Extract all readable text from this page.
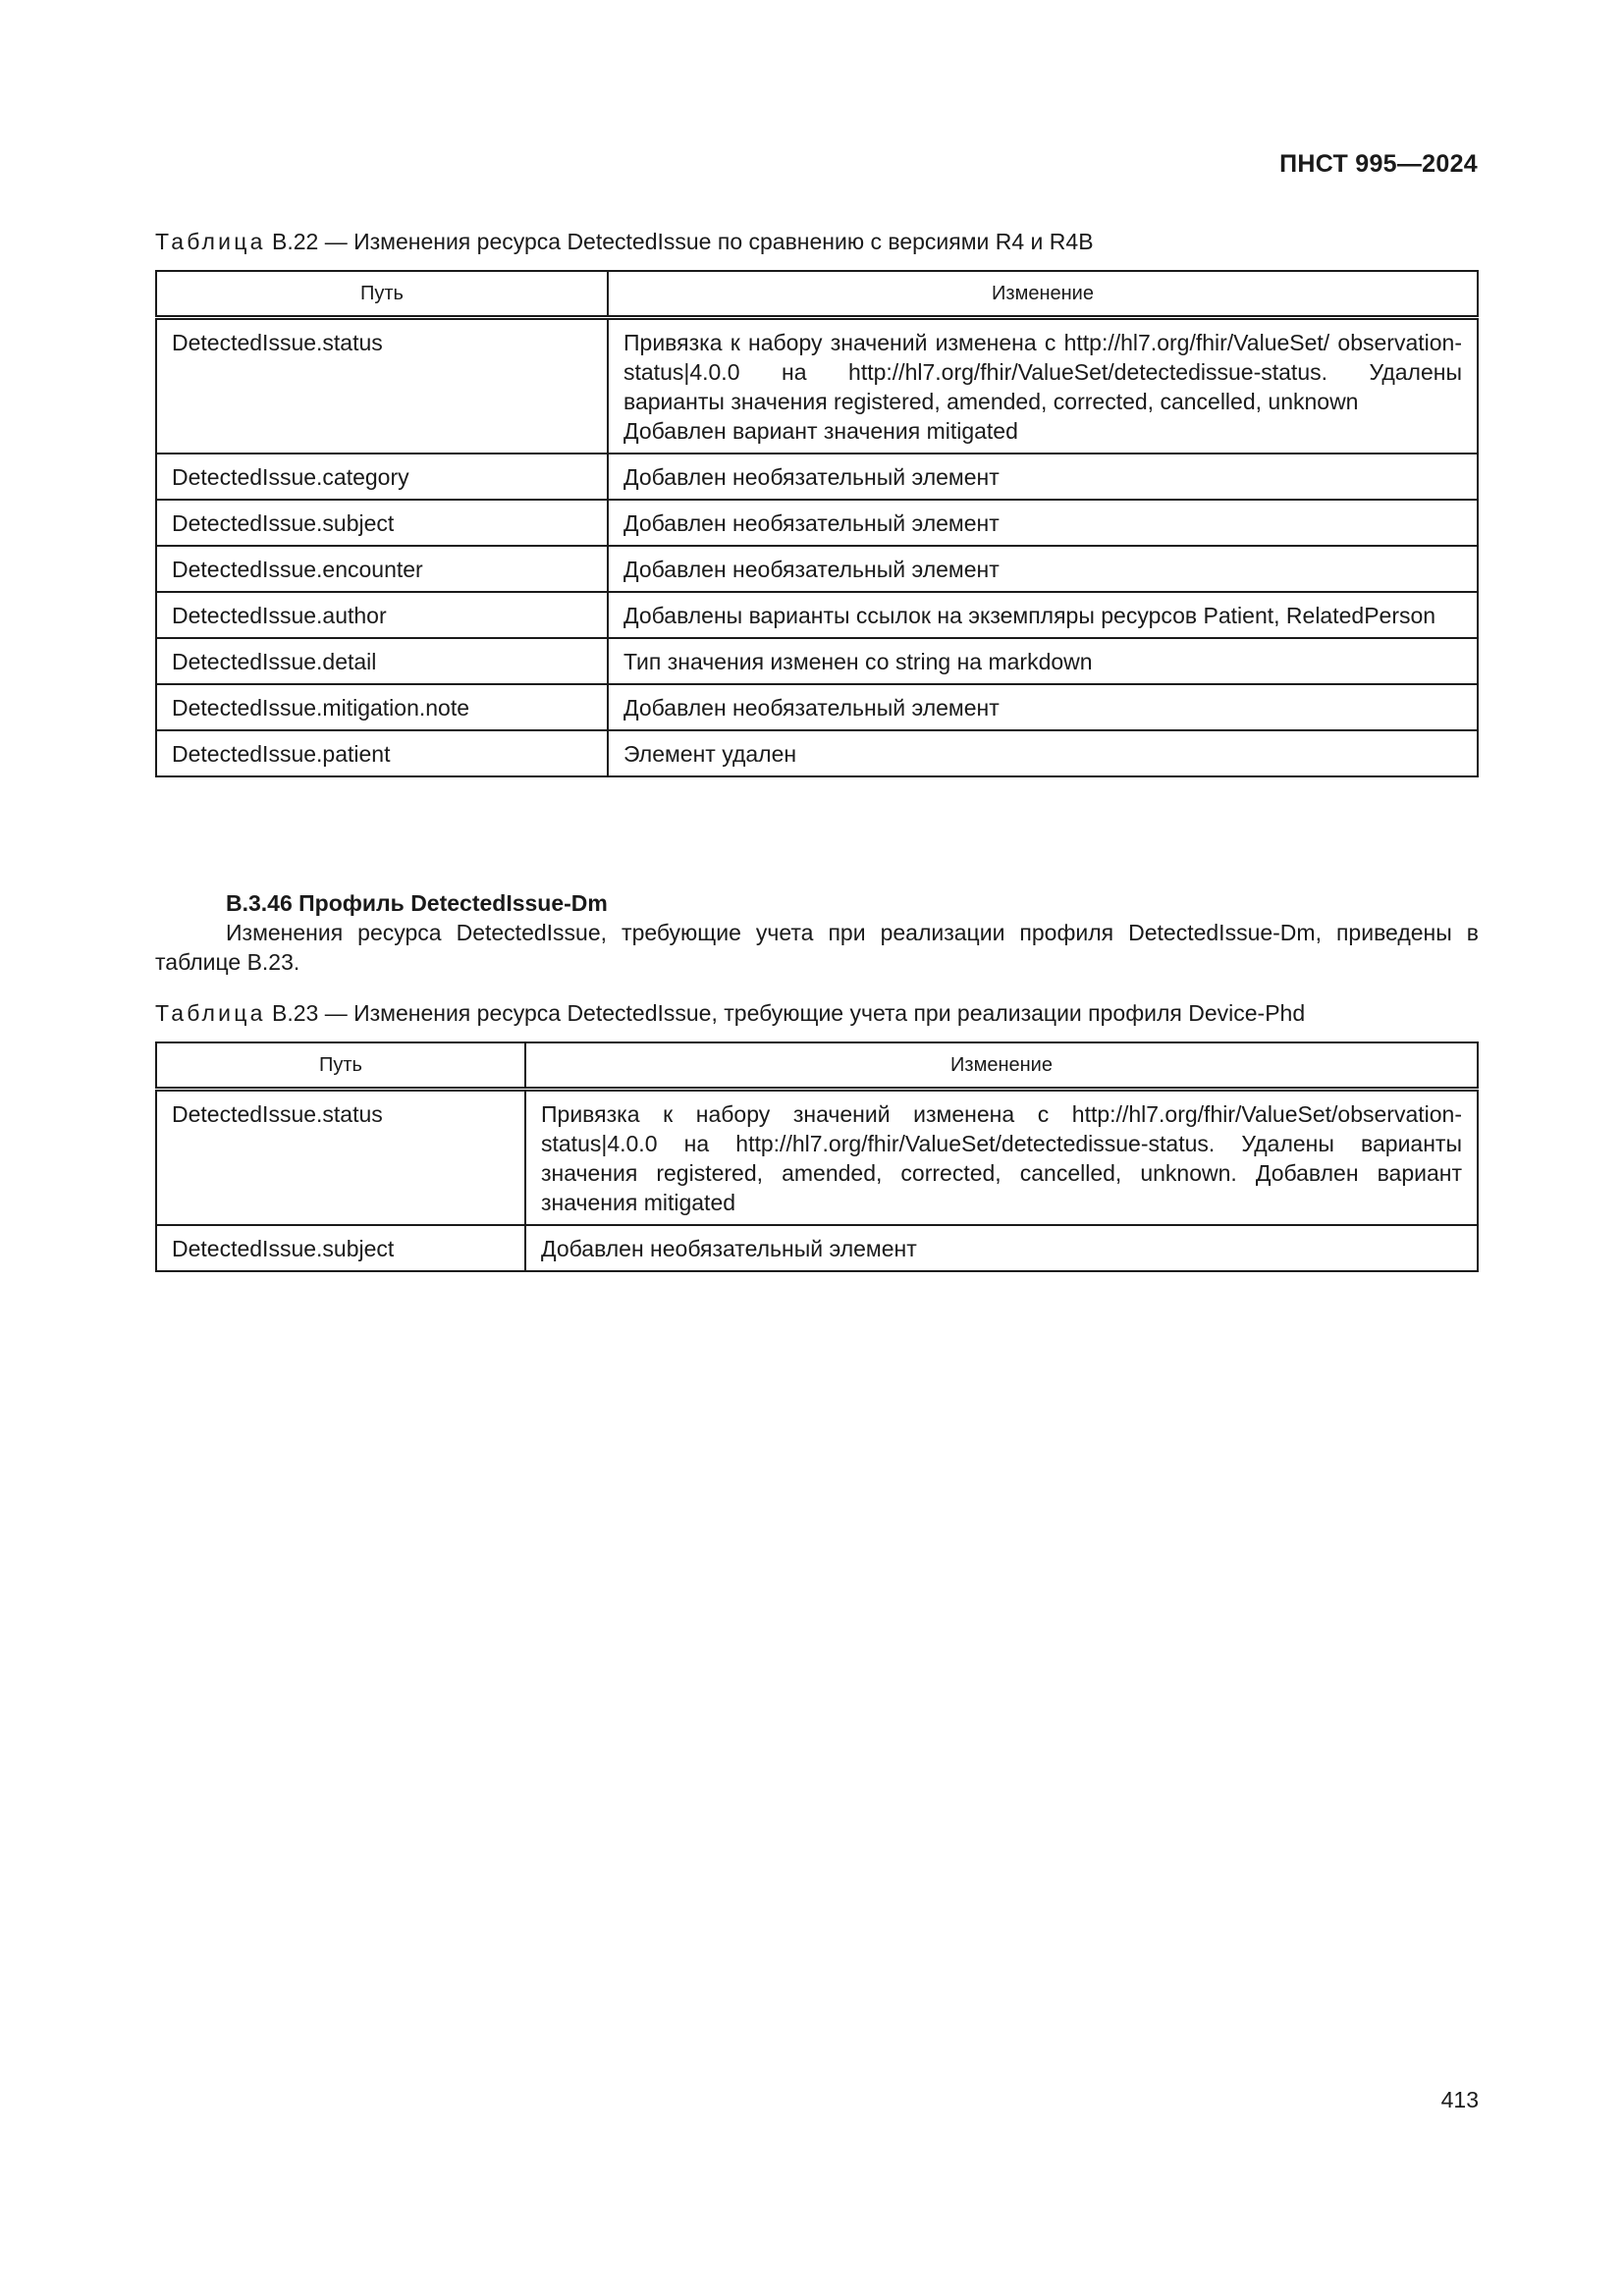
ПНСТ 995—2024
Таблица В.22 — Изменения ресурса DetectedIssue по сравнению с версиями R4 и R4B
Путь	Изменение
DetectedIssue.status	Привязка к набору значений изменена с http://hl7.org/fhir/ValueSet/ observation-status|4.0.0 на http://hl7.org/fhir/ValueSet/detectedissue-status. Удалены варианты значения registered, amended, corrected, cancelled, unknown
Добавлен вариант значения mitigated
DetectedIssue.category	Добавлен необязательный элемент
DetectedIssue.subject	Добавлен необязательный элемент
DetectedIssue.encounter	Добавлен необязательный элемент
DetectedIssue.author	Добавлены варианты ссылок на экземпляры ресурсов Patient, RelatedPerson
DetectedIssue.detail	Тип значения изменен со string на markdown
DetectedIssue.mitigation.note	Добавлен необязательный элемент
DetectedIssue.patient	Элемент удален
В.3.46 Профиль DetectedIssue-Dm
Изменения ресурса DetectedIssue, требующие учета при реализации профиля DetectedIssue-Dm, приведены в таблице В.23.
Таблица В.23 — Изменения ресурса DetectedIssue, требующие учета при реализации профиля Device-Phd
Путь	Изменение
DetectedIssue.status	Привязка к набору значений изменена с http://hl7.org/fhir/ValueSet/observation-status|4.0.0 на http://hl7.org/fhir/ValueSet/detectedissue-status. Удалены варианты значения registered, amended, corrected, cancelled, unknown. Добавлен вариант значения mitigated
DetectedIssue.subject	Добавлен необязательный элемент
413
